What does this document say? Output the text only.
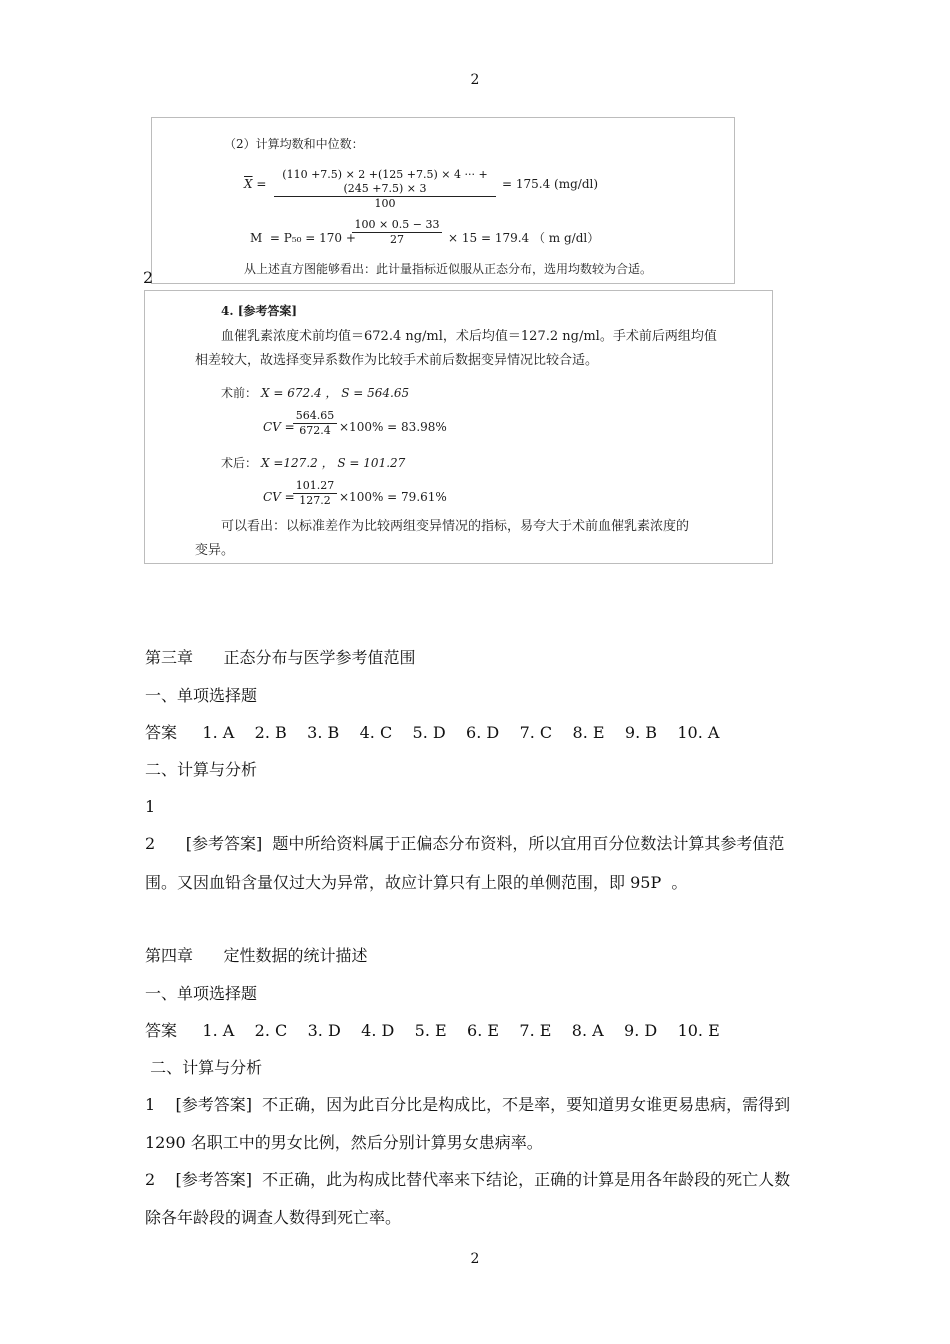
2
（2）计算均数和中位数：
$\overline{X} = \frac{(110 +7.5) \times 2 +(125 +7.5) \times 4 \cdot\cdot\cdot +(245 +7.5) \times 3}{100} = 175.4$ (mg/dl)
M  = P₅₀ = 170 +
$\frac{100 \times 0.5 - 33}{27} \times 15 = 179.4$ （ m g/dl）
从上述直方图能够看出：此计量指标近似服从正态分布，选用均数较为合适。
2
4. [参考答案]
血催乳素浓度术前均值＝672.4 ng/ml，术后均值＝127.2 ng/ml。手术前后两组均值
相差较大，故选择变异系数作为比较手术前后数据变异情况比较合适。
术前： X = 672.4 ， S = 564.65
CV =
$\frac{564.65}{672.4} \times 100\% = 83.98\%$
术后： X =127.2 ， S = 101.27
CV =
$\frac{101.27}{127.2} \times 100\% = 79.61\%$
可以看出：以标准差作为比较两组变异情况的指标，易夸大于术前血催乳素浓度的
变异。
第三章      正态分布与医学参考值范围
一、单项选择题
答案     1. A    2. B    3. B    4. C    5. D    6. D    7. C    8. E    9. B    10. A
二、计算与分析
1
2      [参考答案]  题中所给资料属于正偏态分布资料，所以宜用百分位数法计算其参考值范
围。又因血铅含量仅过大为异常，故应计算只有上限的单侧范围，即 95P  。
第四章      定性数据的统计描述
一、单项选择题
答案     1. A    2. C    3. D    4. D    5. E    6. E    7. E    8. A    9. D    10. E
二、计算与分析
1    [参考答案]  不正确，因为此百分比是构成比，不是率，要知道男女谁更易患病，需得到
1290 名职工中的男女比例，然后分别计算男女患病率。
2    [参考答案]  不正确，此为构成比替代率来下结论，正确的计算是用各年龄段的死亡人数
除各年龄段的调查人数得到死亡率。
2
